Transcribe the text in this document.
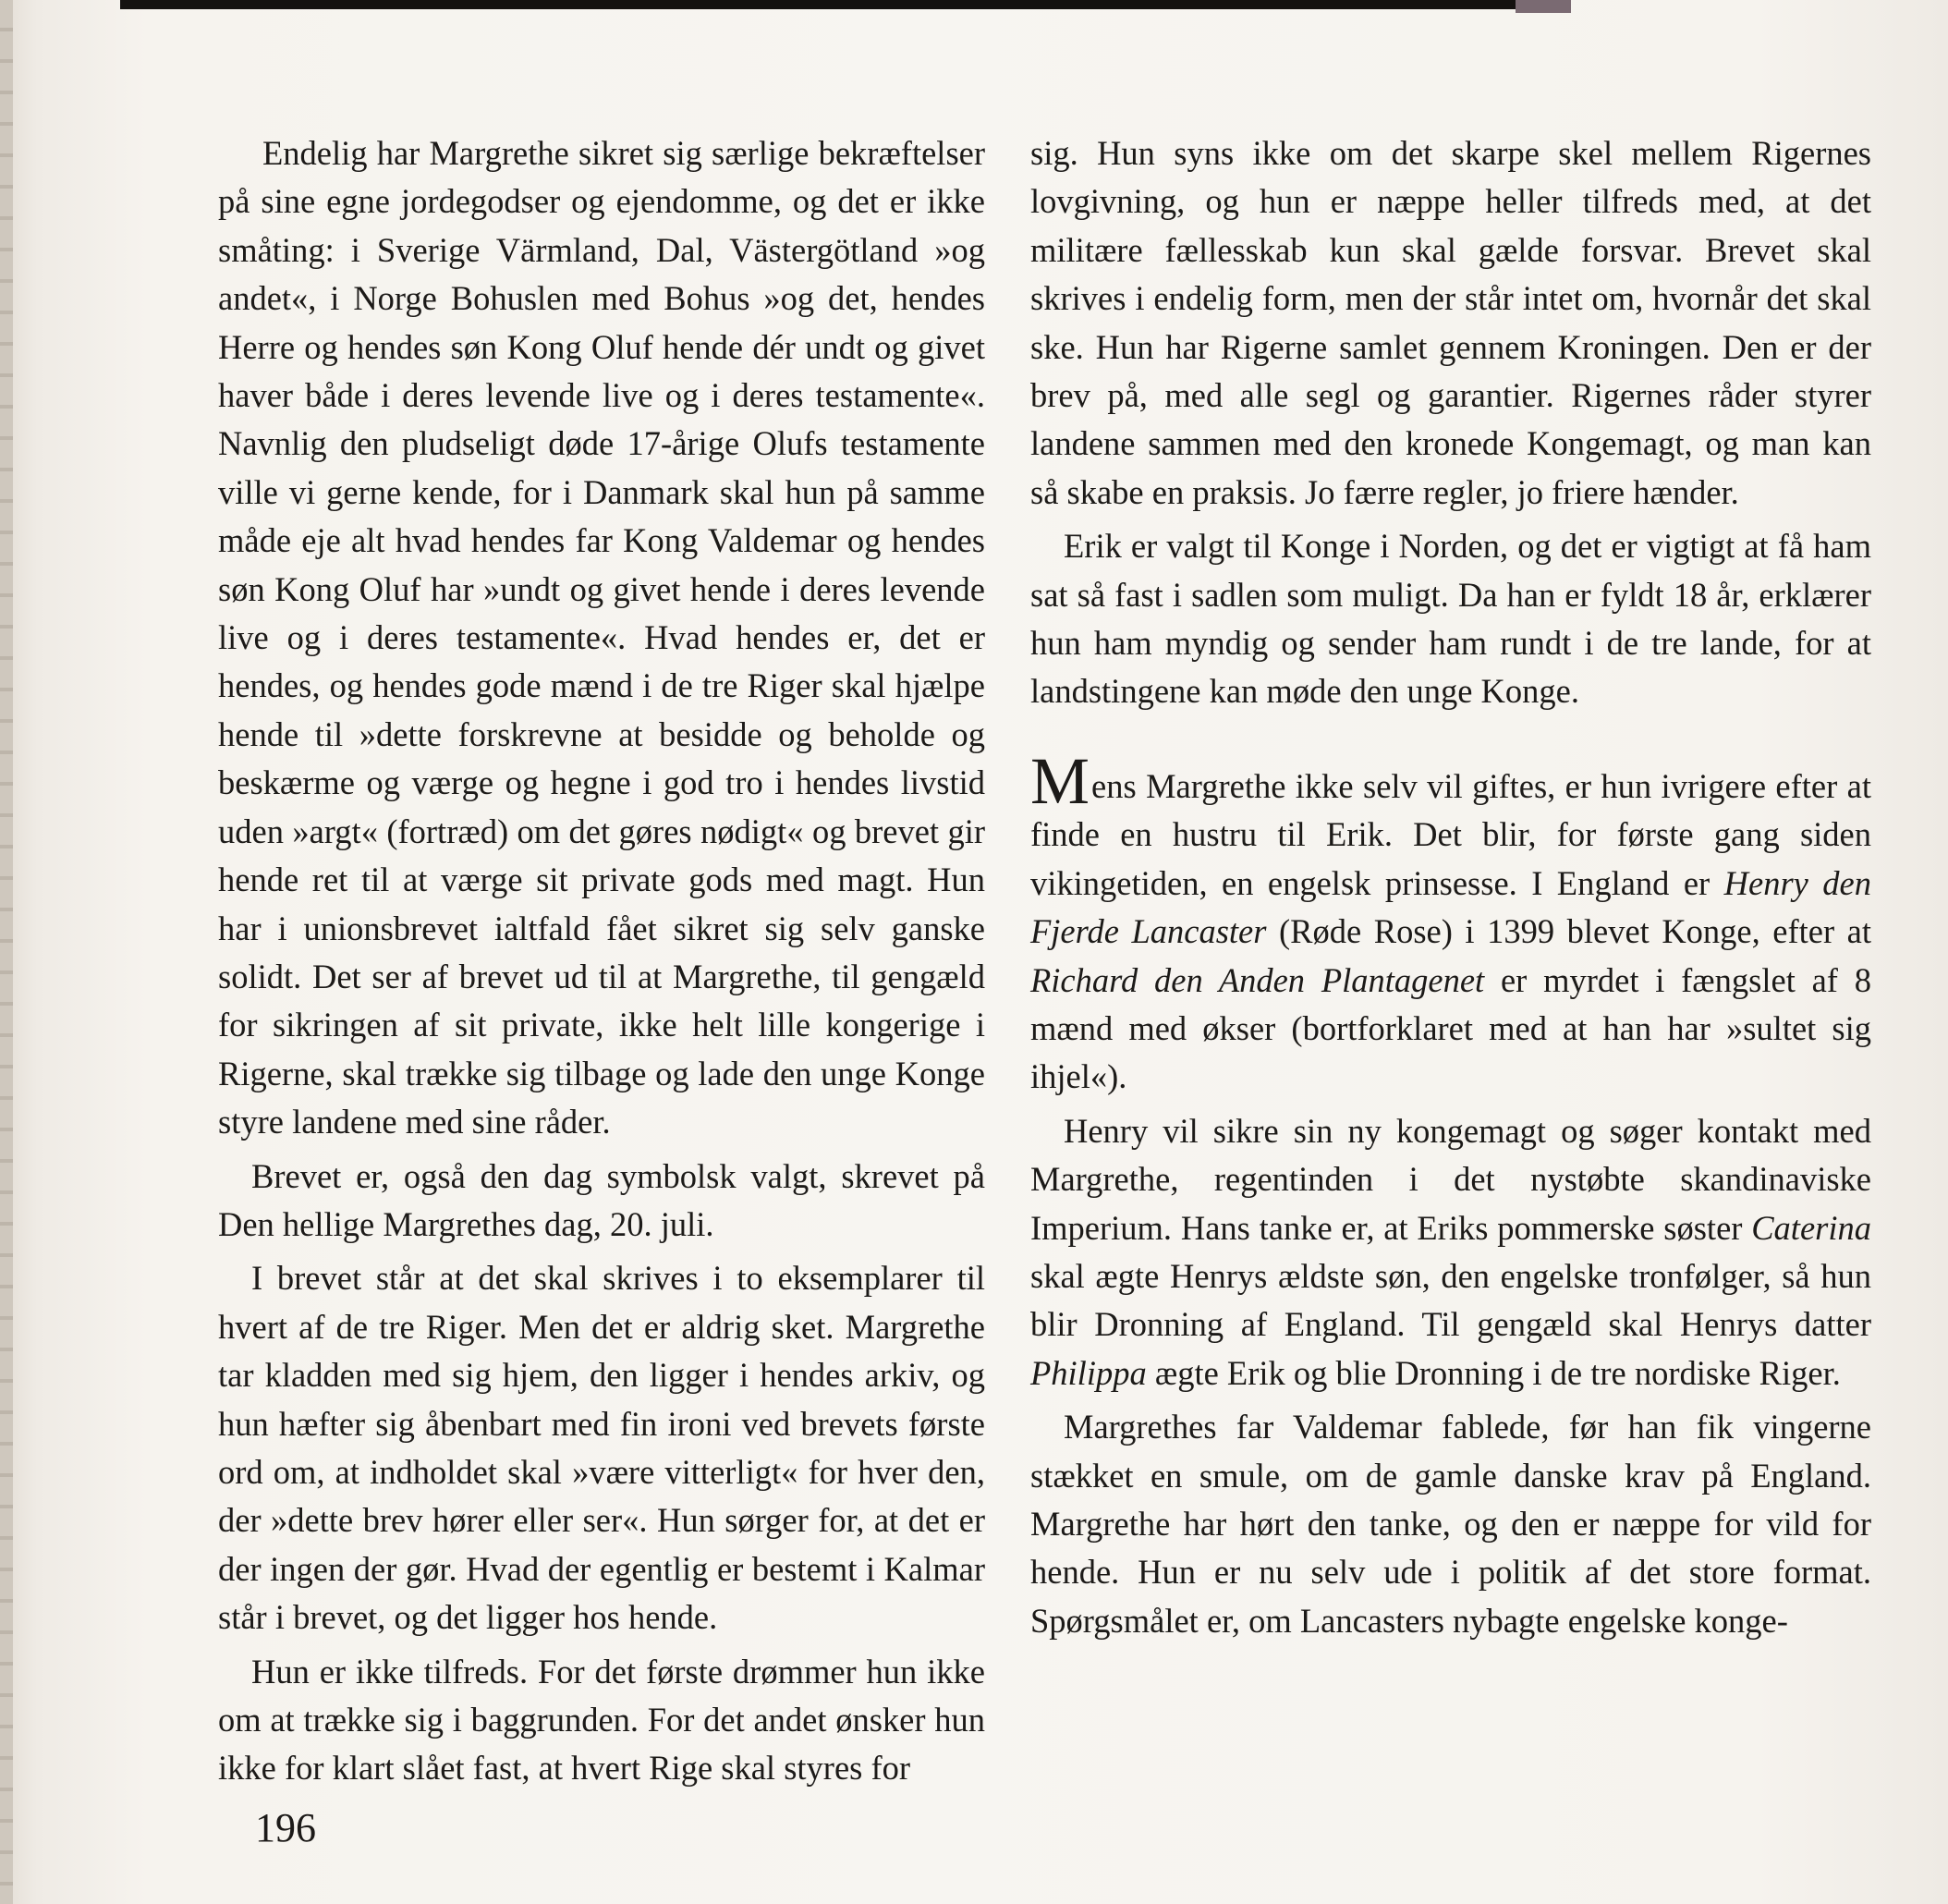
Endelig har Margrethe sikret sig særlige bekræftelser på sine egne jordegodser og ejendomme, og det er ikke småting: i Sverige Värmland, Dal, Västergötland »og andet«, i Norge Bohuslen med Bohus »og det, hendes Herre og hendes søn Kong Oluf hende dér undt og givet haver både i deres levende live og i deres testamente«. Navnlig den pludseligt døde 17-årige Olufs testamente ville vi gerne kende, for i Danmark skal hun på samme måde eje alt hvad hendes far Kong Valdemar og hendes søn Kong Oluf har »undt og givet hende i deres levende live og i deres testamente«. Hvad hendes er, det er hendes, og hendes gode mænd i de tre Riger skal hjælpe hende til »dette forskrevne at besidde og beholde og beskærme og værge og hegne i god tro i hendes livstid uden »argt« (fortræd) om det gøres nødigt« og brevet gir hende ret til at værge sit private gods med magt. Hun har i unionsbrevet ialtfald fået sikret sig selv ganske solidt. Det ser af brevet ud til at Margrethe, til gengæld for sikringen af sit private, ikke helt lille kongerige i Rigerne, skal trække sig tilbage og lade den unge Konge styre landene med sine råder.

Brevet er, også den dag symbolsk valgt, skrevet på Den hellige Margrethes dag, 20. juli.

I brevet står at det skal skrives i to eksemplarer til hvert af de tre Riger. Men det er aldrig sket. Margrethe tar kladden med sig hjem, den ligger i hendes arkiv, og hun hæfter sig åbenbart med fin ironi ved brevets første ord om, at indholdet skal »være vitterligt« for hver den, der »dette brev hører eller ser«. Hun sørger for, at det er der ingen der gør. Hvad der egentlig er bestemt i Kalmar står i brevet, og det ligger hos hende.

Hun er ikke tilfreds. For det første drømmer hun ikke om at trække sig i baggrunden. For det andet ønsker hun ikke for klart slået fast, at hvert Rige skal styres for

sig. Hun syns ikke om det skarpe skel mellem Rigernes lovgivning, og hun er næppe heller tilfreds med, at det militære fællesskab kun skal gælde forsvar. Brevet skal skrives i endelig form, men der står intet om, hvornår det skal ske. Hun har Rigerne samlet gennem Kroningen. Den er der brev på, med alle segl og garantier. Rigernes råder styrer landene sammen med den kronede Kongemagt, og man kan så skabe en praksis. Jo færre regler, jo friere hænder.

Erik er valgt til Konge i Norden, og det er vigtigt at få ham sat så fast i sadlen som muligt. Da han er fyldt 18 år, erklærer hun ham myndig og sender ham rundt i de tre lande, for at landstingene kan møde den unge Konge.

Mens Margrethe ikke selv vil giftes, er hun ivrigere efter at finde en hustru til Erik. Det blir, for første gang siden vikingetiden, en engelsk prinsesse. I England er Henry den Fjerde Lancaster (Røde Rose) i 1399 blevet Konge, efter at Richard den Anden Plantagenet er myrdet i fængslet af 8 mænd med økser (bortforklaret med at han har »sultet sig ihjel«).

Henry vil sikre sin ny kongemagt og søger kontakt med Margrethe, regentinden i det nystøbte skandinaviske Imperium. Hans tanke er, at Eriks pommerske søster Caterina skal ægte Henrys ældste søn, den engelske tronfølger, så hun blir Dronning af England. Til gengæld skal Henrys datter Philippa ægte Erik og blie Dronning i de tre nordiske Riger.

Margrethes far Valdemar fablede, før han fik vingerne stækket en smule, om de gamle danske krav på England. Margrethe har hørt den tanke, og den er næppe for vild for hende. Hun er nu selv ude i politik af det store format. Spørgsmålet er, om Lancasters nybagte engelske konge-

196
